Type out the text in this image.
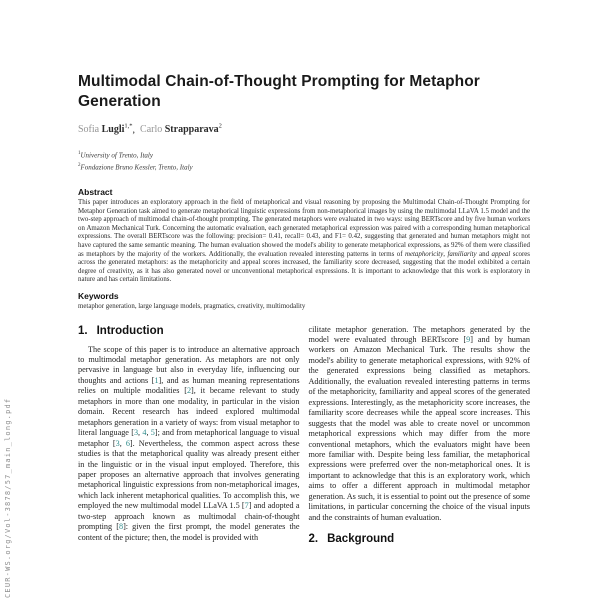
CEUR-WS.org/Vol-3878/57_main_long.pdf
Multimodal Chain-of-Thought Prompting for Metaphor Generation
Sofia Lugli$^{1,*}$, Carlo Strapparava$^2$
$^1$University of Trento, Italy
$^2$Fondazione Bruno Kessler, Trento, Italy
Abstract
This paper introduces an exploratory approach in the field of metaphorical and visual reasoning by proposing the Multimodal Chain-of-Thought Prompting for Metaphor Generation task aimed to generate metaphorical linguistic expressions from non-metaphorical images by using the multimodal LLaVA 1.5 model and the two-step approach of multimodal chain-of-thought prompting. The generated metaphors were evaluated in two ways: using BERTscore and by five human workers on Amazon Mechanical Turk. Concerning the automatic evaluation, each generated metaphorical expression was paired with a corresponding human metaphorical expressions. The overall BERTscore was the following: precision= 0.41, recall= 0.43, and F1= 0.42, suggesting that generated and human metaphors might not have captured the same semantic meaning. The human evaluation showed the model's ability to generate metaphorical expressions, as 92% of them were classified as metaphors by the majority of the workers. Additionally, the evaluation revealed interesting patterns in terms of metaphoricity, familiarity and appeal scores across the generated metaphors: as the metaphoricity and appeal scores increased, the familiarity score decreased, suggesting that the model exhibited a certain degree of creativity, as it has also generated novel or unconventional metaphorical expressions. It is important to acknowledge that this work is exploratory in nature and has certain limitations.
Keywords
metaphor generation, large language models, pragmatics, creativity, multimodality
1. Introduction
The scope of this paper is to introduce an alternative approach to multimodal metaphor generation. As metaphors are not only pervasive in language but also in everyday life, influencing our thoughts and actions [1], and as human meaning representations relies on multiple modalities [2], it became relevant to study metaphors in more than one modality, in particular in the vision domain. Recent research has indeed explored multimodal metaphors generation in a variety of ways: from visual metaphor to literal language [3, 4, 5]; and from metaphorical language to visual metaphor [3, 6]. Nevertheless, the common aspect across these studies is that the metaphorical quality was already present either in the linguistic or in the visual input employed. Therefore, this paper proposes an alternative approach that involves generating metaphorical linguistic expressions from non-metaphorical images, which lack inherent metaphorical qualities. To accomplish this, we employed the new multimodal model LLaVA 1.5 [7] and adopted a two-step approach known as multimodal chain-of-thought prompting [8]: given the first prompt, the model generates the content of the picture; then, the model is provided with
cilitate metaphor generation. The metaphors generated by the model were evaluated through BERTscore [9] and by human workers on Amazon Mechanical Turk. The results show the model's ability to generate metaphorical expressions, with 92% of the generated expressions being classified as metaphors. Additionally, the evaluation revealed interesting patterns in terms of the metaphoricity, familiarity and appeal scores of the generated expressions. Interestingly, as the metaphoricity score increases, the familiarity score decreases while the appeal score increases. This suggests that the model was able to create novel or uncommon metaphorical expressions which may differ from the more conventional metaphors, which the evaluators might have been more familiar with. Despite being less familiar, the metaphorical expressions were preferred over the non-metaphorical ones. It is important to acknowledge that this is an exploratory work, which aims to offer a different approach in multimodal metaphor generation. As such, it is essential to point out the presence of some limitations, in particular concerning the choice of the visual inputs and the constraints of human evaluation.
2. Background
